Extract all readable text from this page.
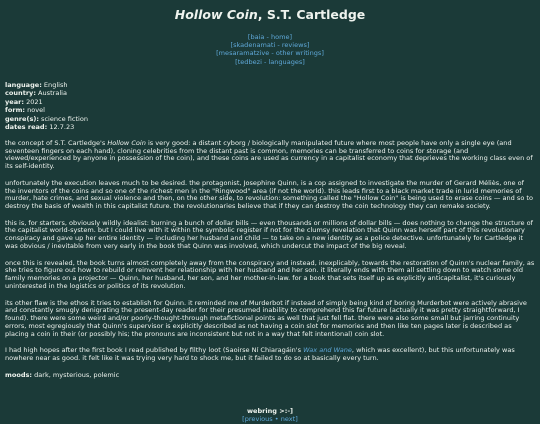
Hollow Coin, S.T. Cartledge
[baia - home]
[skadenamati - reviews]
[mesaramatzive - other writings]
[tedbezi - languages]
language: English
country: Australia
year: 2021
form: novel
genre(s): science fiction
dates read: 12.7.23

the concept of S.T. Cartledge's Hollow Coin is very good: a distant cyborg / biologically manipulated future where most people have only a single eye (and seventeen fingers on each hand), cloning celebrities from the distant past is common, memories can be transferred to coins for storage (and viewed/experienced by anyone in possession of the coin), and these coins are used as currency in a capitalist economy that deprieves the working class even of its self-identity.

unfortunately the execution leaves much to be desired. the protagonist, Josephine Quinn, is a cop assigned to investigate the murder of Gerard Méliès, one of the inventors of the coins and so one of the richest men in the "Ringwood" area (if not the world). this leads first to a black market trade in lurid memories of murder, hate crimes, and sexual violence and then, on the other side, to revolution: something called the "Hollow Coin" is being used to erase coins — and so to destroy the basis of wealth in this capitalist future. the revolutionaries believe that if they can destroy the coin technology they can remake society.

this is, for starters, obviously wildly idealist: burning a bunch of dollar bills — even thousands or millions of dollar bills — does nothing to change the structure of the capitalist world-system. but I could live with it within the symbolic register if not for the clumsy revelation that Quinn was herself part of this revolutionary conspiracy and gave up her entire identity — including her husband and child — to take on a new identity as a police detective. unfortunately for Cartledge it was obvious / inevitable from very early in the book that Quinn was involved, which undercut the impact of the big reveal.

once this is revealed, the book turns almost completely away from the conspiracy and instead, inexplicably, towards the restoration of Quinn's nuclear family, as she tries to figure out how to rebuild or reinvent her relationship with her husband and her son. it literally ends with them all settling down to watch some old family memories on a projector — Quinn, her husband, her son, and her mother-in-law. for a book that sets itself up as explicitly anticapitalist, it's curiously uninterested in the logistics or politics of its revolution.

its other flaw is the ethos it tries to establish for Quinn. it reminded me of Murderbot if instead of simply being kind of boring Murderbot were actively abrasive and constantly smugly denigrating the present-day reader for their presumed inability to comprehend this far future (actually it was pretty straightforward, I found). there were some weird and/or poorly-thought-through metafictional points as well that just fell flat. there were also some small but jarring continuity errors, most egregiously that Quinn's supervisor is explicitly described as not having a coin slot for memories and then like ten pages later is described as placing a coin in their (or possibly his; the pronouns are inconsistent but not in a way that felt intentional) coin slot.

I had high hopes after the first book I read published by filthy loot (Saoirse Ní Chiaragáin's Wax and Wane, which was excellent), but this unfortunately was nowhere near as good. it felt like it was trying very hard to shock me, but it failed to do so at basically every turn.

moods: dark, mysterious, polemic

webring >:-]
[previous • next]
